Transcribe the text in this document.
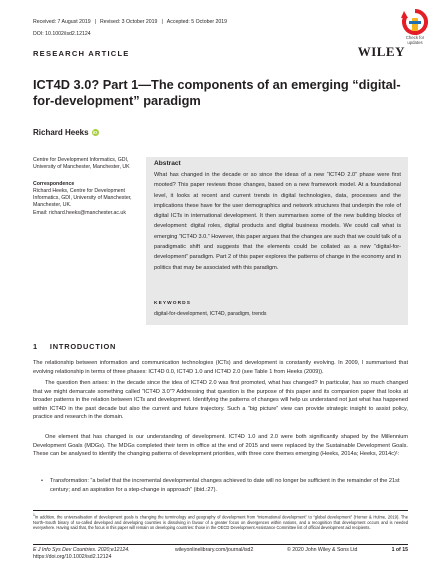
Received: 7 August 2019 | Revised: 3 October 2019 | Accepted: 5 October 2019
DOI: 10.1002/isd2.12124
Check for updates
RESEARCH ARTICLE	WILEY
ICT4D 3.0? Part 1—The components of an emerging “digital-for-development” paradigm
Richard Heeks iD
Centre for Development Informatics, GDI, University of Manchester, Manchester, UK
Correspondence
Richard Heeks, Centre for Development Informatics, GDI, University of Manchester, Manchester, UK.
Email: richard.heeks@manchester.ac.uk
Abstract
What has changed in the decade or so since the ideas of a new “ICT4D 2.0” phase were first mooted? This paper reviews those changes, based on a new framework model. At a foundational level, it looks at recent and current trends in digital technologies, data, processes and the implications these have for the user demographics and network structures that underpin the role of digital ICTs in international development. It then summarises some of the new building blocks of development: digital roles, digital products and digital business models. We could call what is emerging “ICT4D 3.0.” However, this paper argues that the changes are such that we could talk of a paradigmatic shift and suggests that the elements could be collated as a new “digital-for-development” paradigm. Part 2 of this paper explores the patterns of change in the economy and in politics that may be associated with this paradigm.
KEYWORDS
digital-for-development, ICT4D, paradigm, trends
1 INTRODUCTION
The relationship between information and communication technologies (ICTs) and development is constantly evolving. In 2009, I summarised that evolving relationship in terms of three phases: ICT4D 0.0, ICT4D 1.0 and ICT4D 2.0 (see Table 1 from Heeks (2009)).
The question then arises: in the decade since the idea of ICT4D 2.0 was first promoted, what has changed? In particular, has so much changed that we might demarcate something called “ICT4D 3.0”? Addressing that question is the purpose of this paper and its companion paper that looks at broader patterns in the relation between ICTs and development. Identifying the patterns of changes will help us understand not just what has happened within ICT4D in the past decade but also the current and future trajectory. Such a “big picture” view can provide strategic insight to assist policy, practice and research in the domain.
One element that has changed is our understanding of development. ICT4D 1.0 and 2.0 were both significantly shaped by the Millennium Development Goals (MDGs). The MDGs completed their term in office at the end of 2015 and were replaced by the Sustainable Development Goals. These can be analysed to identify the changing patterns of development priorities, with three core themes emerging (Heeks, 2014a; Heeks, 2014c)¹:
• Transformation: “a belief that the incremental developmental changes achieved to date will no longer be sufficient in the remainder of the 21st century; and an aspiration for a step-change in approach” (ibid.:27).
$^1$In addition, the universalisation of development goals is changing the terminology and geography of development from “international development” to “global development” (Horner & Hulme, 2019). The North–South binary of so-called developed and developing countries is dissolving in favour of a greater focus on divergences within nations, and a recognition that development occurs and is needed everywhere. Having said that, the focus in this paper will remain on developing countries: those in the OECD Development Assistance Committee list of official development aid recipients.
E J Info Sys Dev Countries. 2020;e12124.
https://doi.org/10.1002/isd2.12124
wileyonlinelibrary.com/journal/isd2	© 2020 John Wiley & Sons Ltd	1 of 15
